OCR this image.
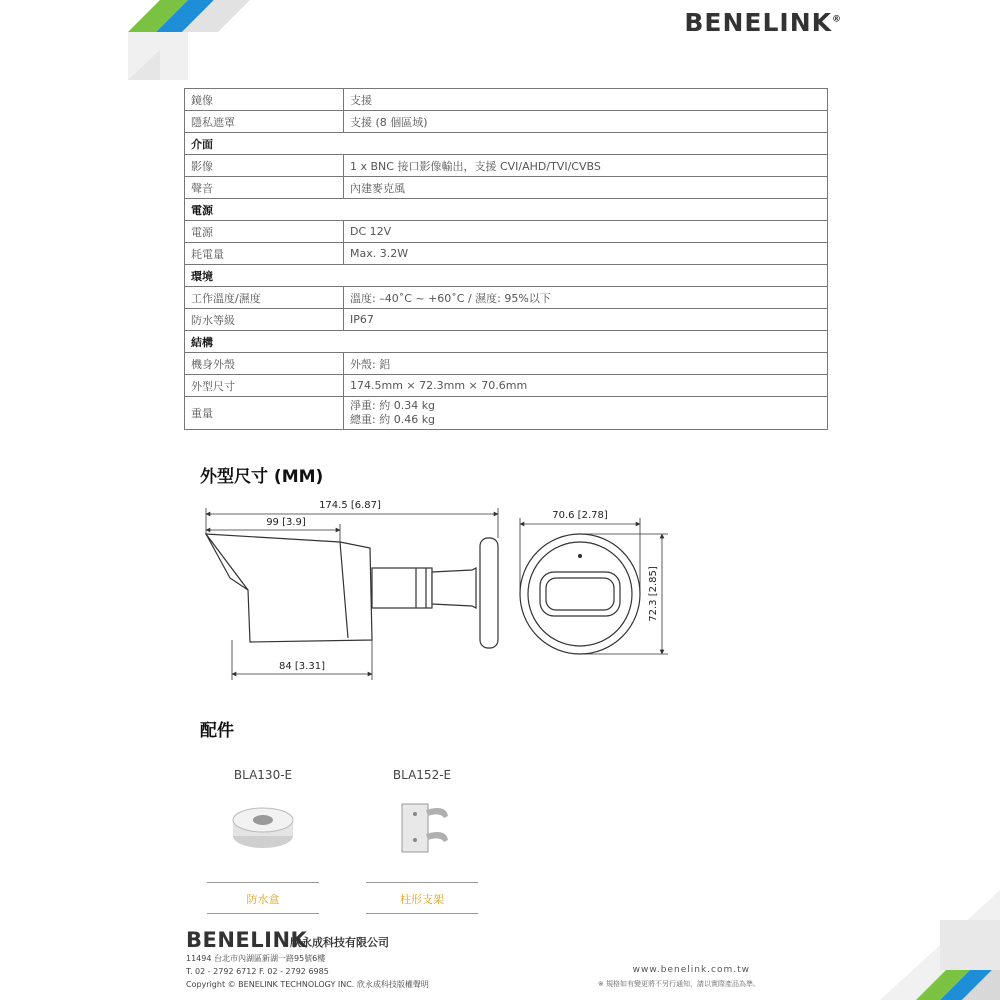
BENELINK®
鏡像	支援
隱私遮罩	支援 (8 個區域)
介面	
影像	1 x BNC 接口影像輸出，支援 CVI/AHD/TVI/CVBS
聲音	內建麥克風
電源	
電源	DC 12V
耗電量	Max. 3.2W
環境	
工作溫度/濕度	溫度: –40˚C ~ +60˚C / 濕度: 95%以下
防水等級	IP67
結構	
機身外殼	外殼: 鋁
外型尺寸	174.5mm × 72.3mm × 70.6mm
重量	淨重: 約 0.34 kg
總重: 約 0.46 kg
外型尺寸 (MM)
174.5 [6.87]
99 [3.9]
84 [3.31]
70.6 [2.78]
72.3 [2.85]
配件
BLA130-E
防水盒
BLA152-E
柱形支架
BENELINK
欣永成科技有限公司
11494 台北市內湖區新湖一路95號6樓
T. 02 - 2792 6712 F. 02 - 2792 6985
Copyright © BENELINK TECHNOLOGY INC. 欣永成科技版權聲明
www.benelink.com.tw
※ 規格如有變更將不另行通知，請以實際產品為準。
